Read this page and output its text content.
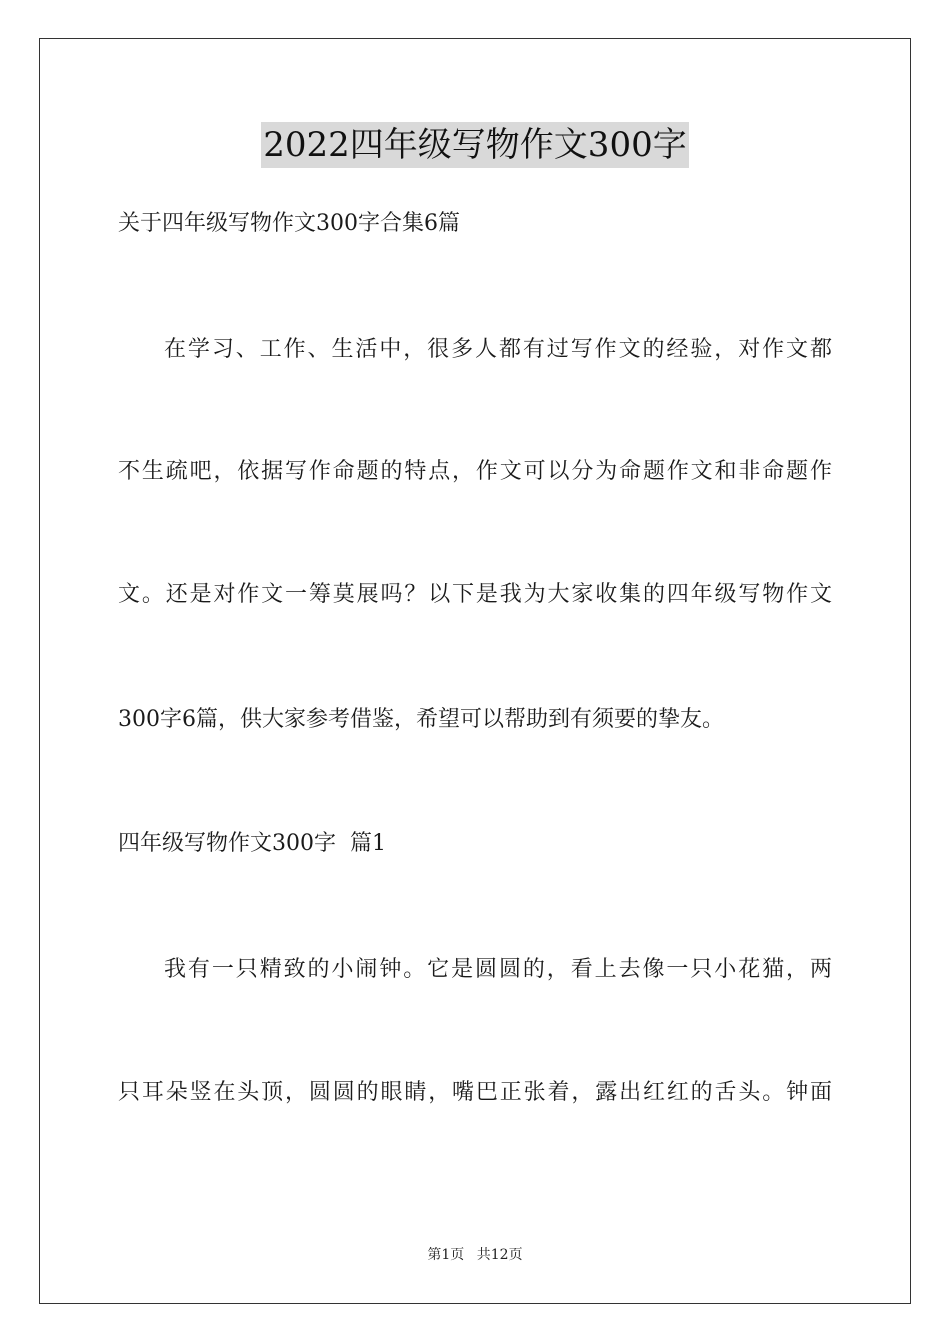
2022四年级写物作文300字
关于四年级写物作文300字合集6篇
在学习、工作、生活中，很多人都有过写作文的经验，对作文都
不生疏吧，依据写作命题的特点，作文可以分为命题作文和非命题作
文。还是对作文一筹莫展吗？以下是我为大家收集的四年级写物作文
300字6篇，供大家参考借鉴，希望可以帮助到有须要的挚友。
四年级写物作文300字  篇1
我有一只精致的小闹钟。它是圆圆的，看上去像一只小花猫，两
只耳朵竖在头顶，圆圆的眼睛，嘴巴正张着，露出红红的舌头。钟面
第1页 共12页
